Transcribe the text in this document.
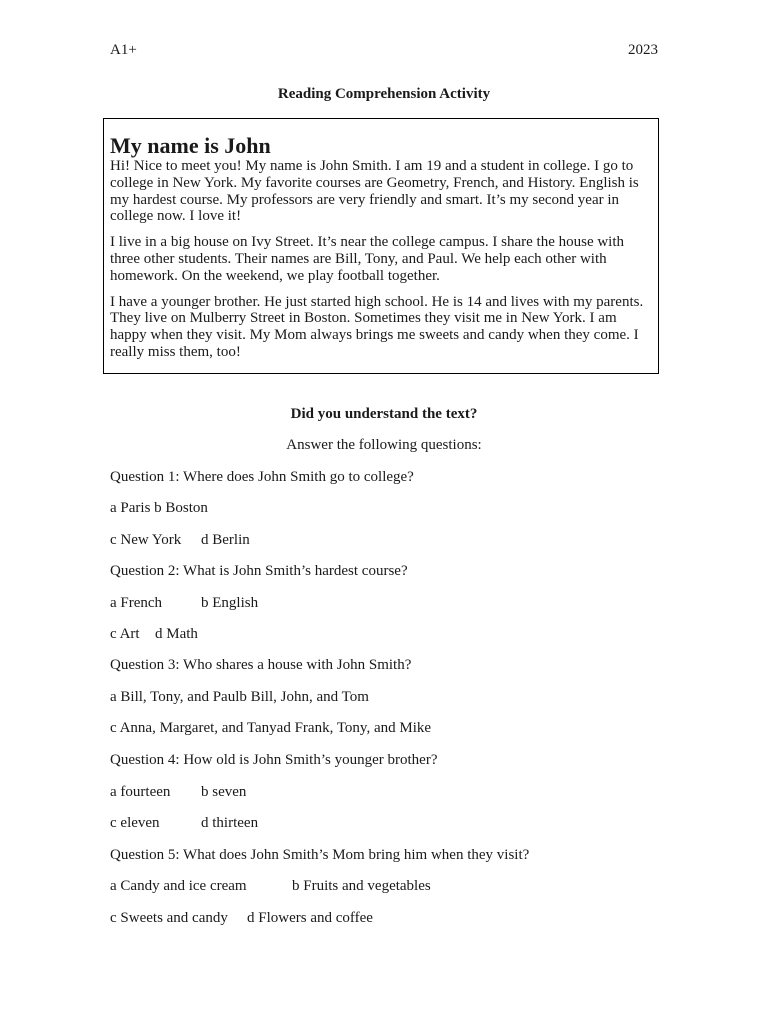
A1+	2023
Reading Comprehension Activity
My name is John

Hi! Nice to meet you! My name is John Smith. I am 19 and a student in college. I go to college in New York. My favorite courses are Geometry, French, and History. English is my hardest course. My professors are very friendly and smart. It’s my second year in college now. I love it!

I live in a big house on Ivy Street. It’s near the college campus. I share the house with three other students. Their names are Bill, Tony, and Paul. We help each other with homework. On the weekend, we play football together.

I have a younger brother. He just started high school. He is 14 and lives with my parents. They live on Mulberry Street in Boston. Sometimes they visit me in New York. I am happy when they visit. My Mom always brings me sweets and candy when they come. I really miss them, too!

Did you understand the text?
Answer the following questions:
Question 1: Where does John Smith go to college?
a Paris b Boston
c New York d Berlin
Question 2: What is John Smith’s hardest course?
a French	b English
c Art d Math
Question 3: Who shares a house with John Smith?
a Bill, Tony, and Paulb Bill, John, and Tom
c Anna, Margaret, and Tanyad Frank, Tony, and Mike
Question 4: How old is John Smith’s younger brother?
a fourteen b seven
c eleven	d thirteen
Question 5: What does John Smith’s Mom bring him when they visit?
a Candy and ice cream	b Fruits and vegetables
c Sweets and candy d Flowers and coffee
